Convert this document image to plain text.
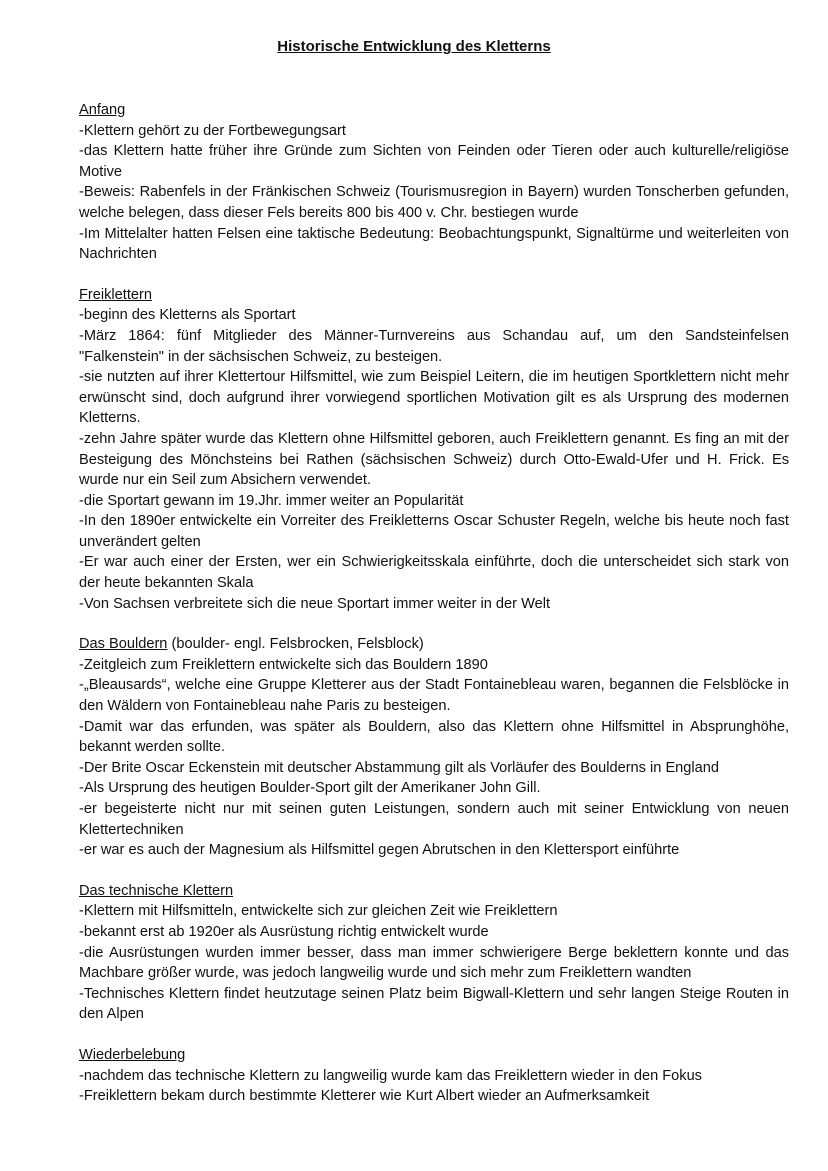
Historische Entwicklung des Kletterns

Anfang

-Klettern gehört zu der Fortbewegungsart

-das Klettern hatte früher ihre Gründe zum Sichten von Feinden oder Tieren oder auch kulturelle/religiöse Motive

-Beweis: Rabenfels in der Fränkischen Schweiz (Tourismusregion in Bayern) wurden Tonscherben gefunden, welche belegen, dass dieser Fels bereits 800 bis 400 v. Chr. bestiegen wurde

-Im Mittelalter hatten Felsen eine taktische Bedeutung: Beobachtungspunkt, Signaltürme und weiterleiten von Nachrichten

Freiklettern

-beginn des Kletterns als Sportart

-März 1864: fünf Mitglieder des Männer-Turnvereins aus Schandau auf, um den Sandsteinfelsen "Falkenstein" in der sächsischen Schweiz, zu besteigen.

-sie nutzten auf ihrer Klettertour Hilfsmittel, wie zum Beispiel Leitern, die im heutigen Sportklettern nicht mehr erwünscht sind, doch aufgrund ihrer vorwiegend sportlichen Motivation gilt es als Ursprung des modernen Kletterns.

-zehn Jahre später wurde das Klettern ohne Hilfsmittel geboren, auch Freiklettern genannt. Es fing an mit der Besteigung des Mönchsteins bei Rathen (sächsischen Schweiz) durch Otto-Ewald-Ufer und H. Frick. Es wurde nur ein Seil zum Absichern verwendet.

-die Sportart gewann im 19.Jhr. immer weiter an Popularität

-In den 1890er entwickelte ein Vorreiter des Freikletterns Oscar Schuster Regeln, welche bis heute noch fast unverändert gelten

-Er war auch einer der Ersten, wer ein Schwierigkeitsskala einführte, doch die unterscheidet sich stark von der heute bekannten Skala

-Von Sachsen verbreitete sich die neue Sportart immer weiter in der Welt

Das Bouldern (boulder- engl. Felsbrocken, Felsblock)

-Zeitgleich zum Freiklettern entwickelte sich das Bouldern 1890

-„Bleausards“, welche eine Gruppe Kletterer aus der Stadt Fontainebleau waren, begannen die Felsblöcke in den Wäldern von Fontainebleau nahe Paris zu besteigen.

-Damit war das erfunden, was später als Bouldern, also das Klettern ohne Hilfsmittel in Absprunghöhe, bekannt werden sollte.

-Der Brite Oscar Eckenstein mit deutscher Abstammung gilt als Vorläufer des Boulderns in England

-Als Ursprung des heutigen Boulder-Sport gilt der Amerikaner John Gill.

-er begeisterte nicht nur mit seinen guten Leistungen, sondern auch mit seiner Entwicklung von neuen Klettertechniken

-er war es auch der Magnesium als Hilfsmittel gegen Abrutschen in den Klettersport einführte

Das technische Klettern

-Klettern mit Hilfsmitteln, entwickelte sich zur gleichen Zeit wie Freiklettern

-bekannt erst ab 1920er als Ausrüstung richtig entwickelt wurde

-die Ausrüstungen wurden immer besser, dass man immer schwierigere Berge beklettern konnte und das Machbare größer wurde, was jedoch langweilig wurde und sich mehr zum Freiklettern wandten

-Technisches Klettern findet heutzutage seinen Platz beim Bigwall-Klettern und sehr langen Steige Routen in den Alpen

Wiederbelebung

-nachdem das technische Klettern zu langweilig wurde kam das Freiklettern wieder in den Fokus

-Freiklettern bekam durch bestimmte Kletterer wie Kurt Albert wieder an Aufmerksamkeit
